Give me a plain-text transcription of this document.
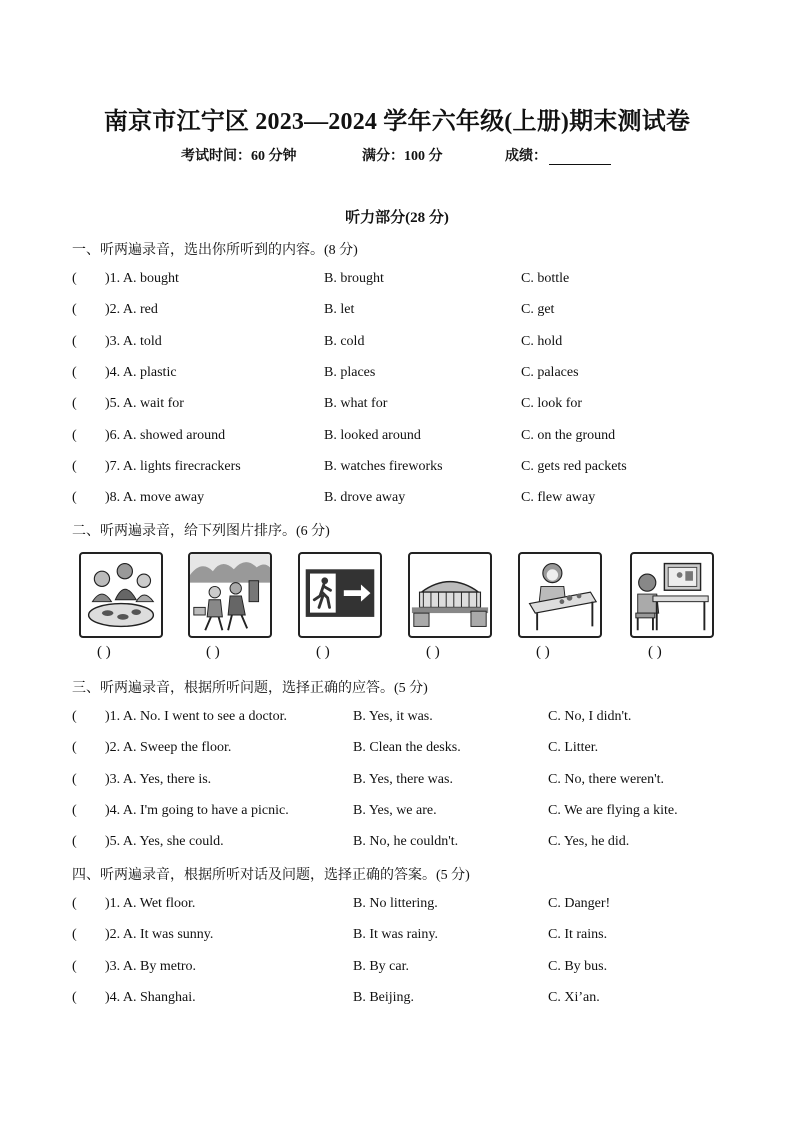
南京市江宁区 2023—2024 学年六年级(上册)期末测试卷
考试时间：60 分钟	满分：100 分	成绩：
听力部分(28 分)
一、听两遍录音，选出你所听到的内容。(8 分)
( )1. A. bought	B. brought	C. bottle
( )2. A. red	B. let	C. get
( )3. A. told	B. cold	C. hold
( )4. A. plastic	B. places	C. palaces
( )5. A. wait for	B. what for	C. look for
( )6. A. showed around	B. looked around	C. on the ground
( )7. A. lights firecrackers	B. watches fireworks	C. gets red packets
( )8. A. move away	B. drove away	C. flew away
二、听两遍录音，给下列图片排序。(6 分)
( )	( )	( )	( )	( )	( )
三、听两遍录音，根据所听问题，选择正确的应答。(5 分)
( )1. A. No. I went to see a doctor.	B. Yes, it was.	C. No, I didn't.
( )2. A. Sweep the floor.	B. Clean the desks.	C. Litter.
( )3. A. Yes, there is.	B. Yes, there was.	C. No, there weren't.
( )4. A. I'm going to have a picnic.	B. Yes, we are.	C. We are flying a kite.
( )5. A. Yes, she could.	B. No, he couldn't.	C. Yes, he did.
四、听两遍录音，根据所听对话及问题，选择正确的答案。(5 分)
( )1. A. Wet floor.	B. No littering.	C. Danger!
( )2. A. It was sunny.	B. It was rainy.	C. It rains.
( )3. A. By metro.	B. By car.	C. By bus.
( )4. A. Shanghai.	B. Beijing.	C. Xi’an.
